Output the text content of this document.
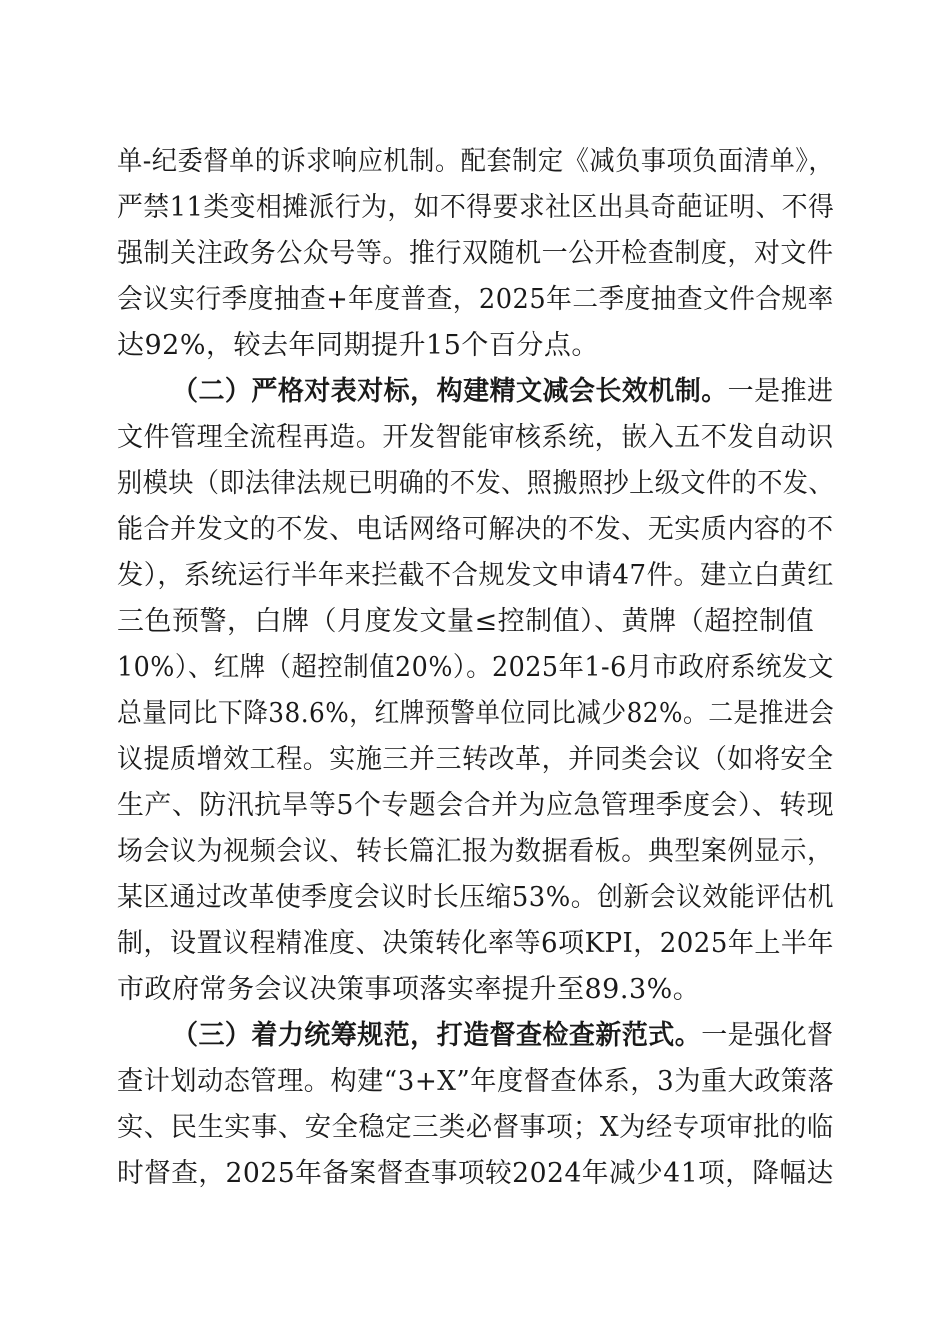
单-纪委督单的诉求响应机制。配套制定《减负事项负面清单》，
严禁11类变相摊派行为，如不得要求社区出具奇葩证明、不得
强制关注政务公众号等。推行双随机一公开检查制度，对文件
会议实行季度抽查+年度普查，2025年二季度抽查文件合规率
达92%，较去年同期提升15个百分点。
（二）严格对表对标，构建精文减会长效机制。一是推进
文件管理全流程再造。开发智能审核系统，嵌入五不发自动识
别模块（即法律法规已明确的不发、照搬照抄上级文件的不发、
能合并发文的不发、电话网络可解决的不发、无实质内容的不
发），系统运行半年来拦截不合规发文申请47件。建立白黄红
三色预警，白牌（月度发文量≤控制值）、黄牌（超控制值
10%）、红牌（超控制值20%）。2025年1-6月市政府系统发文
总量同比下降38.6%，红牌预警单位同比减少82%。二是推进会
议提质增效工程。实施三并三转改革，并同类会议（如将安全
生产、防汛抗旱等5个专题会合并为应急管理季度会）、转现
场会议为视频会议、转长篇汇报为数据看板。典型案例显示，
某区通过改革使季度会议时长压缩53%。创新会议效能评估机
制，设置议程精准度、决策转化率等6项KPI，2025年上半年
市政府常务会议决策事项落实率提升至89.3%。
（三）着力统筹规范，打造督查检查新范式。一是强化督
查计划动态管理。构建“3+X”年度督查体系，3为重大政策落
实、民生实事、安全稳定三类必督事项；X为经专项审批的临
时督查，2025年备案督查事项较2024年减少41项，降幅达
